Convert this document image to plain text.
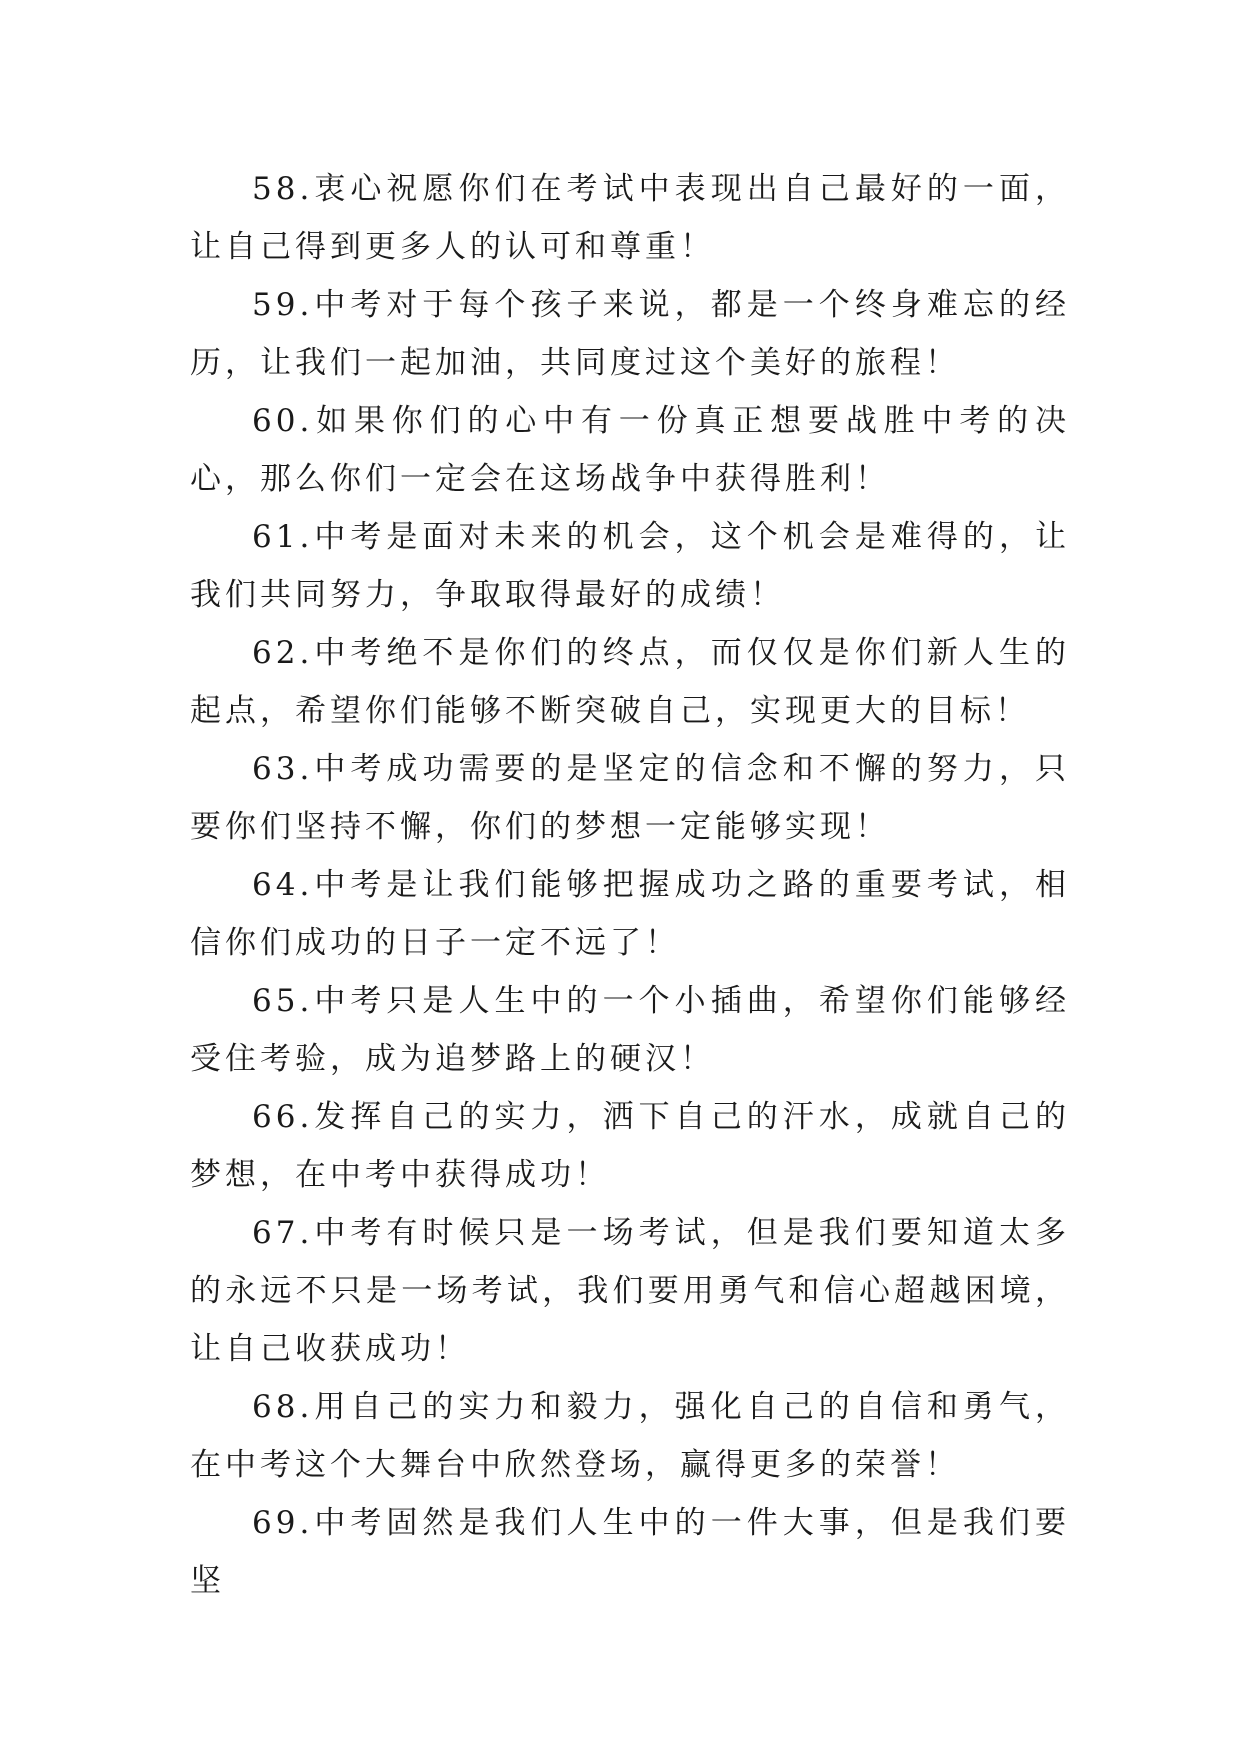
58.衷心祝愿你们在考试中表现出自己最好的一面，让自己得到更多人的认可和尊重！

59.中考对于每个孩子来说，都是一个终身难忘的经历，让我们一起加油，共同度过这个美好的旅程！

60.如果你们的心中有一份真正想要战胜中考的决心，那么你们一定会在这场战争中获得胜利！

61.中考是面对未来的机会，这个机会是难得的，让我们共同努力，争取取得最好的成绩！

62.中考绝不是你们的终点，而仅仅是你们新人生的起点，希望你们能够不断突破自己，实现更大的目标！

63.中考成功需要的是坚定的信念和不懈的努力，只要你们坚持不懈，你们的梦想一定能够实现！

64.中考是让我们能够把握成功之路的重要考试，相信你们成功的日子一定不远了！

65.中考只是人生中的一个小插曲，希望你们能够经受住考验，成为追梦路上的硬汉！

66.发挥自己的实力，洒下自己的汗水，成就自己的梦想，在中考中获得成功！

67.中考有时候只是一场考试，但是我们要知道太多的永远不只是一场考试，我们要用勇气和信心超越困境，让自己收获成功！

68.用自己的实力和毅力，强化自己的自信和勇气，在中考这个大舞台中欣然登场，赢得更多的荣誉！

69.中考固然是我们人生中的一件大事，但是我们要坚
